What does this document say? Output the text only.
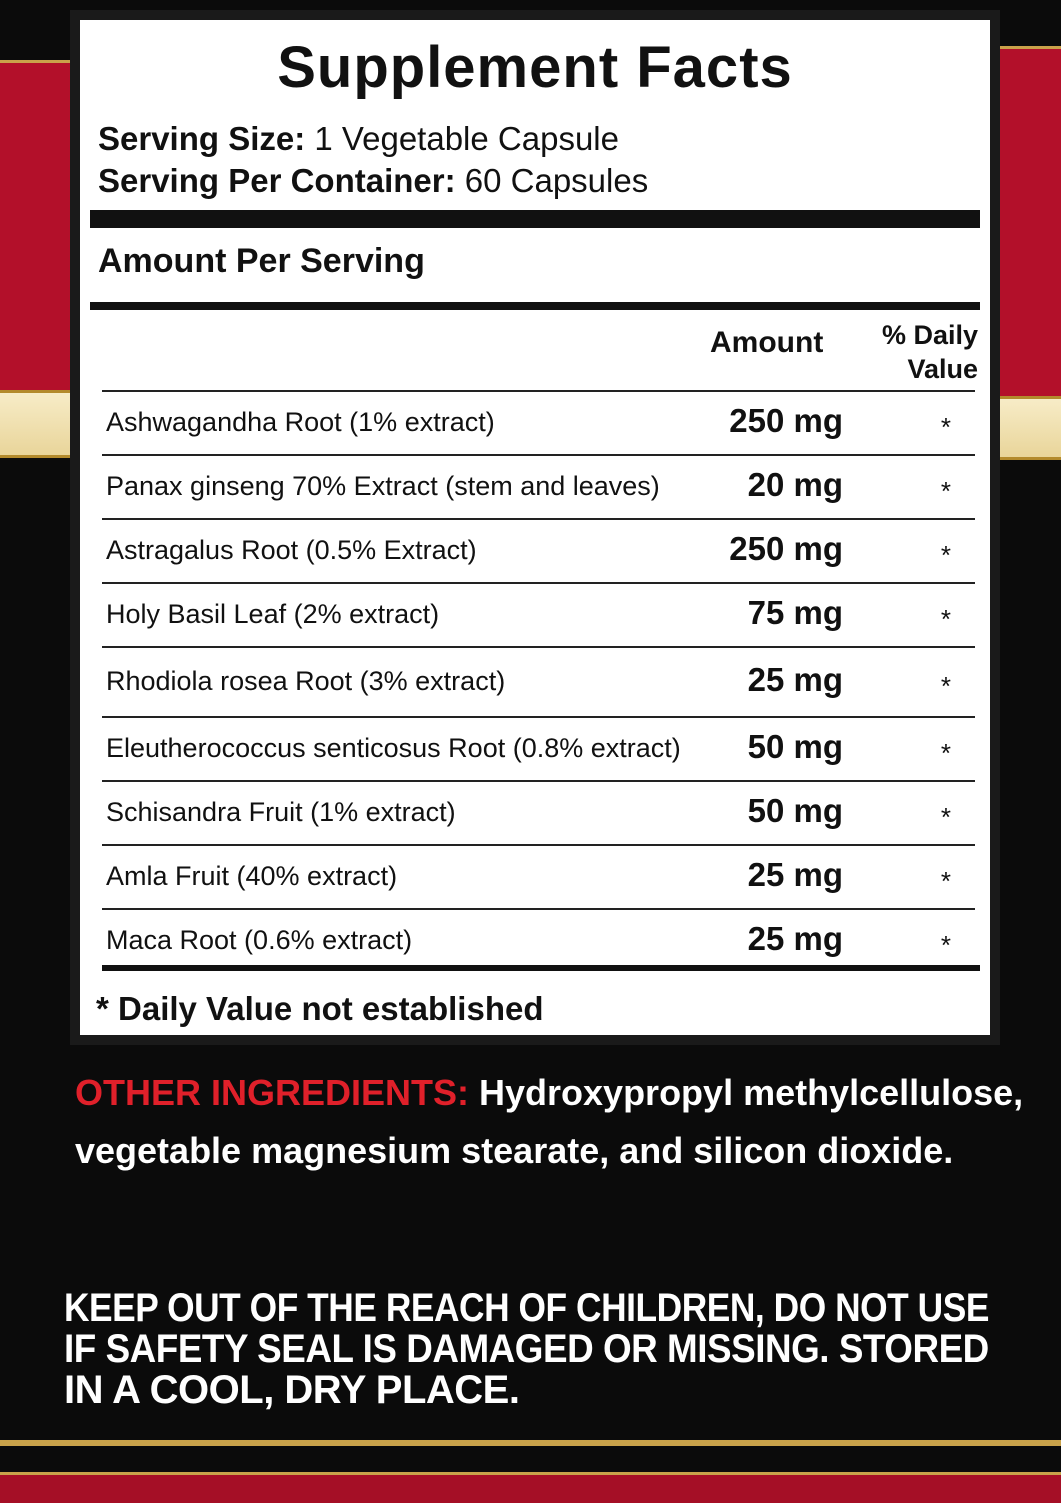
Supplement Facts
Serving Size: 1 Vegetable Capsule
Serving Per Container: 60 Capsules
Amount Per Serving
Amount % Daily
Value
Ashwagandha Root (1% extract)	250 mg	*
Panax ginseng 70% Extract (stem and leaves)	20 mg	*
Astragalus Root (0.5% Extract)	250 mg	*
Holy Basil Leaf (2% extract)	75 mg	*
Rhodiola rosea Root (3% extract)	25 mg	*
Eleutherococcus senticosus Root (0.8% extract) 50 mg	*
Schisandra Fruit (1% extract)	50 mg	*
Amla Fruit (40% extract)	25 mg	*
Maca Root (0.6% extract)	25 mg	*
* Daily Value not established
OTHER INGREDIENTS: Hydroxypropyl methylcellulose,
vegetable magnesium stearate, and silicon dioxide.
KEEP OUT OF THE REACH OF CHILDREN, DO NOT USE
IF SAFETY SEAL IS DAMAGED OR MISSING. STORED
IN A COOL, DRY PLACE.
